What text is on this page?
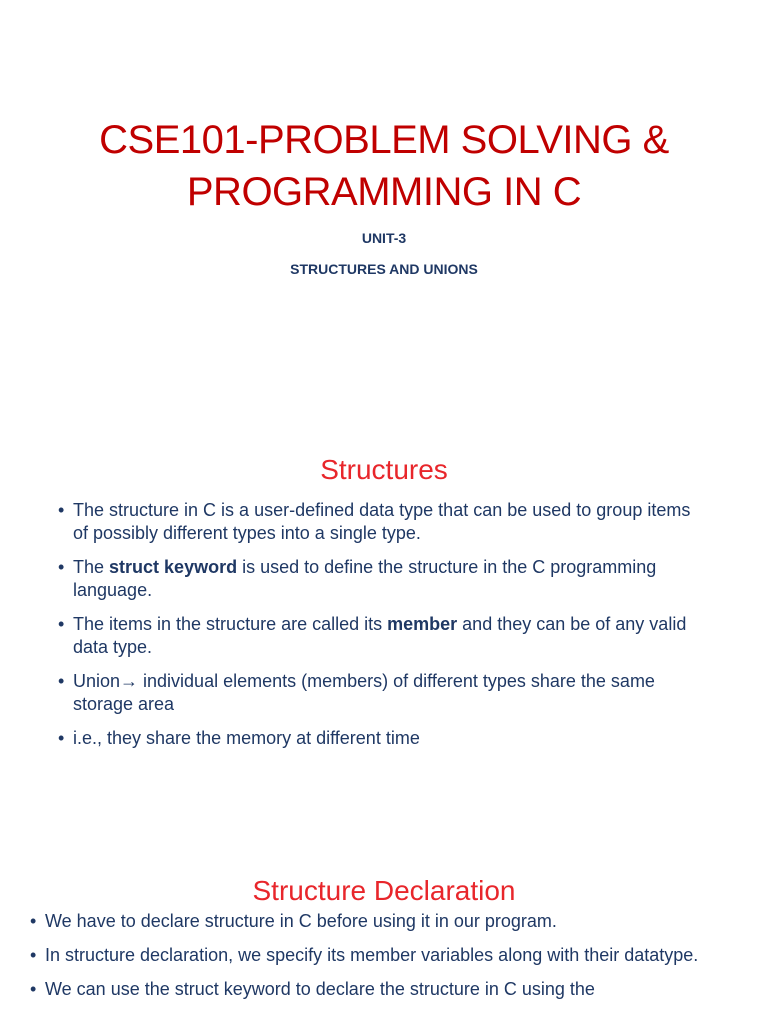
CSE101-PROBLEM SOLVING &
PROGRAMMING IN C
UNIT-3
STRUCTURES AND UNIONS
Structures
• The structure in C is a user-defined data type that can be used to group items of possibly different types into a single type.
• The struct keyword is used to define the structure in the C programming language.
• The items in the structure are called its member and they can be of any valid data type.
• Union→ individual elements (members) of different types share the same storage area
• i.e., they share the memory at different time
Structure Declaration
• We have to declare structure in C before using it in our program.
• In structure declaration, we specify its member variables along with their datatype.
• We can use the struct keyword to declare the structure in C using the
